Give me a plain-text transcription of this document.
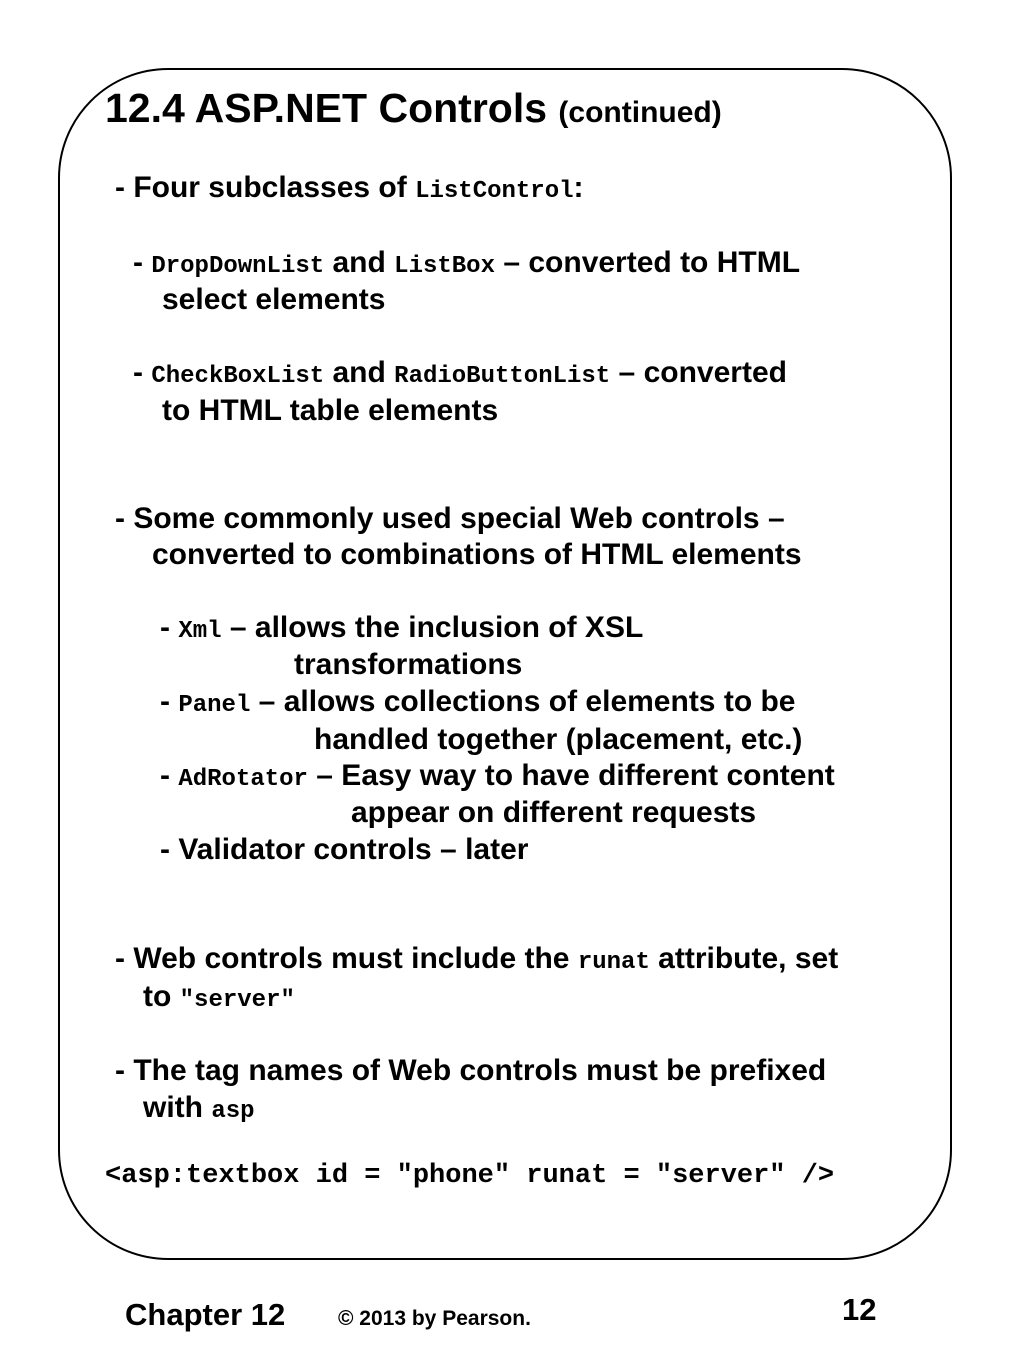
12.4 ASP.NET Controls (continued)
- Four subclasses of ListControl:
- DropDownList and ListBox – converted to HTML
select elements
- CheckBoxList and RadioButtonList – converted
to HTML table elements
- Some commonly used special Web controls –
converted to combinations of HTML elements
- Xml – allows the inclusion of XSL
transformations
- Panel – allows collections of elements to be
handled together (placement, etc.)
- AdRotator – Easy way to have different content
appear on different requests
- Validator controls – later
- Web controls must include the runat attribute, set
to ″server″
- The tag names of Web controls must be prefixed
with asp
<asp:textbox id = ″phone″ runat = ″server″ />
Chapter 12	© 2013 by Pearson.	12
